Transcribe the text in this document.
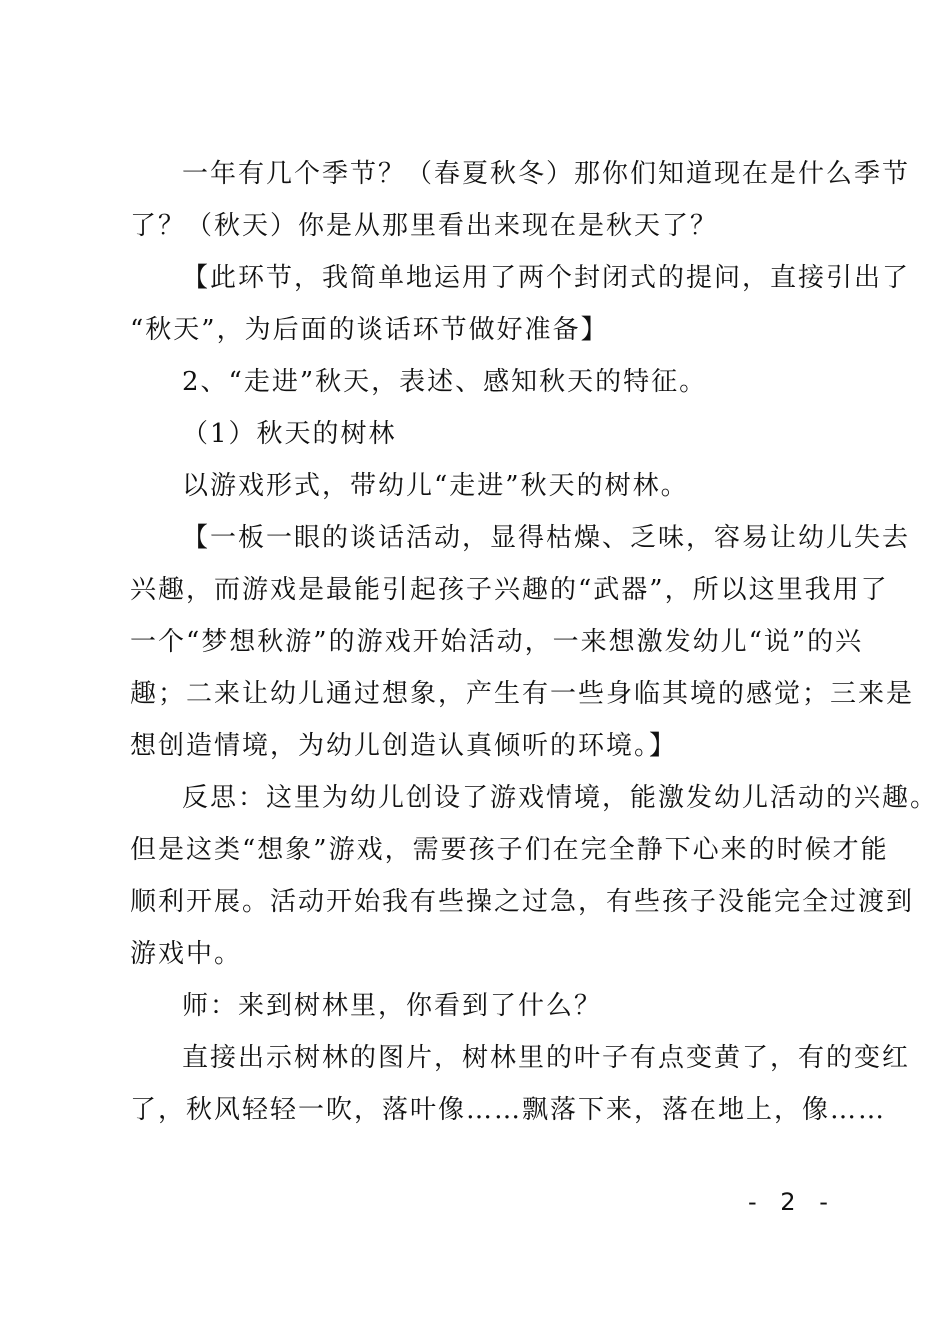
一年有几个季节？（春夏秋冬）那你们知道现在是什么季节
了？（秋天）你是从那里看出来现在是秋天了？
【此环节，我简单地运用了两个封闭式的提问，直接引出了
“秋天”，为后面的谈话环节做好准备】
2、“走进”秋天，表述、感知秋天的特征。
（1）秋天的树林
以游戏形式，带幼儿“走进”秋天的树林。
【一板一眼的谈话活动，显得枯燥、乏味，容易让幼儿失去
兴趣，而游戏是最能引起孩子兴趣的“武器”，所以这里我用了
一个“梦想秋游”的游戏开始活动，一来想激发幼儿“说”的兴
趣；二来让幼儿通过想象，产生有一些身临其境的感觉；三来是
想创造情境，为幼儿创造认真倾听的环境。】
反思：这里为幼儿创设了游戏情境，能激发幼儿活动的兴趣。
但是这类“想象”游戏，需要孩子们在完全静下心来的时候才能
顺利开展。活动开始我有些操之过急，有些孩子没能完全过渡到
游戏中。
师：来到树林里，你看到了什么？
直接出示树林的图片，树林里的叶子有点变黄了，有的变红
了，秋风轻轻一吹，落叶像……飘落下来，落在地上，像……
- 2 -
